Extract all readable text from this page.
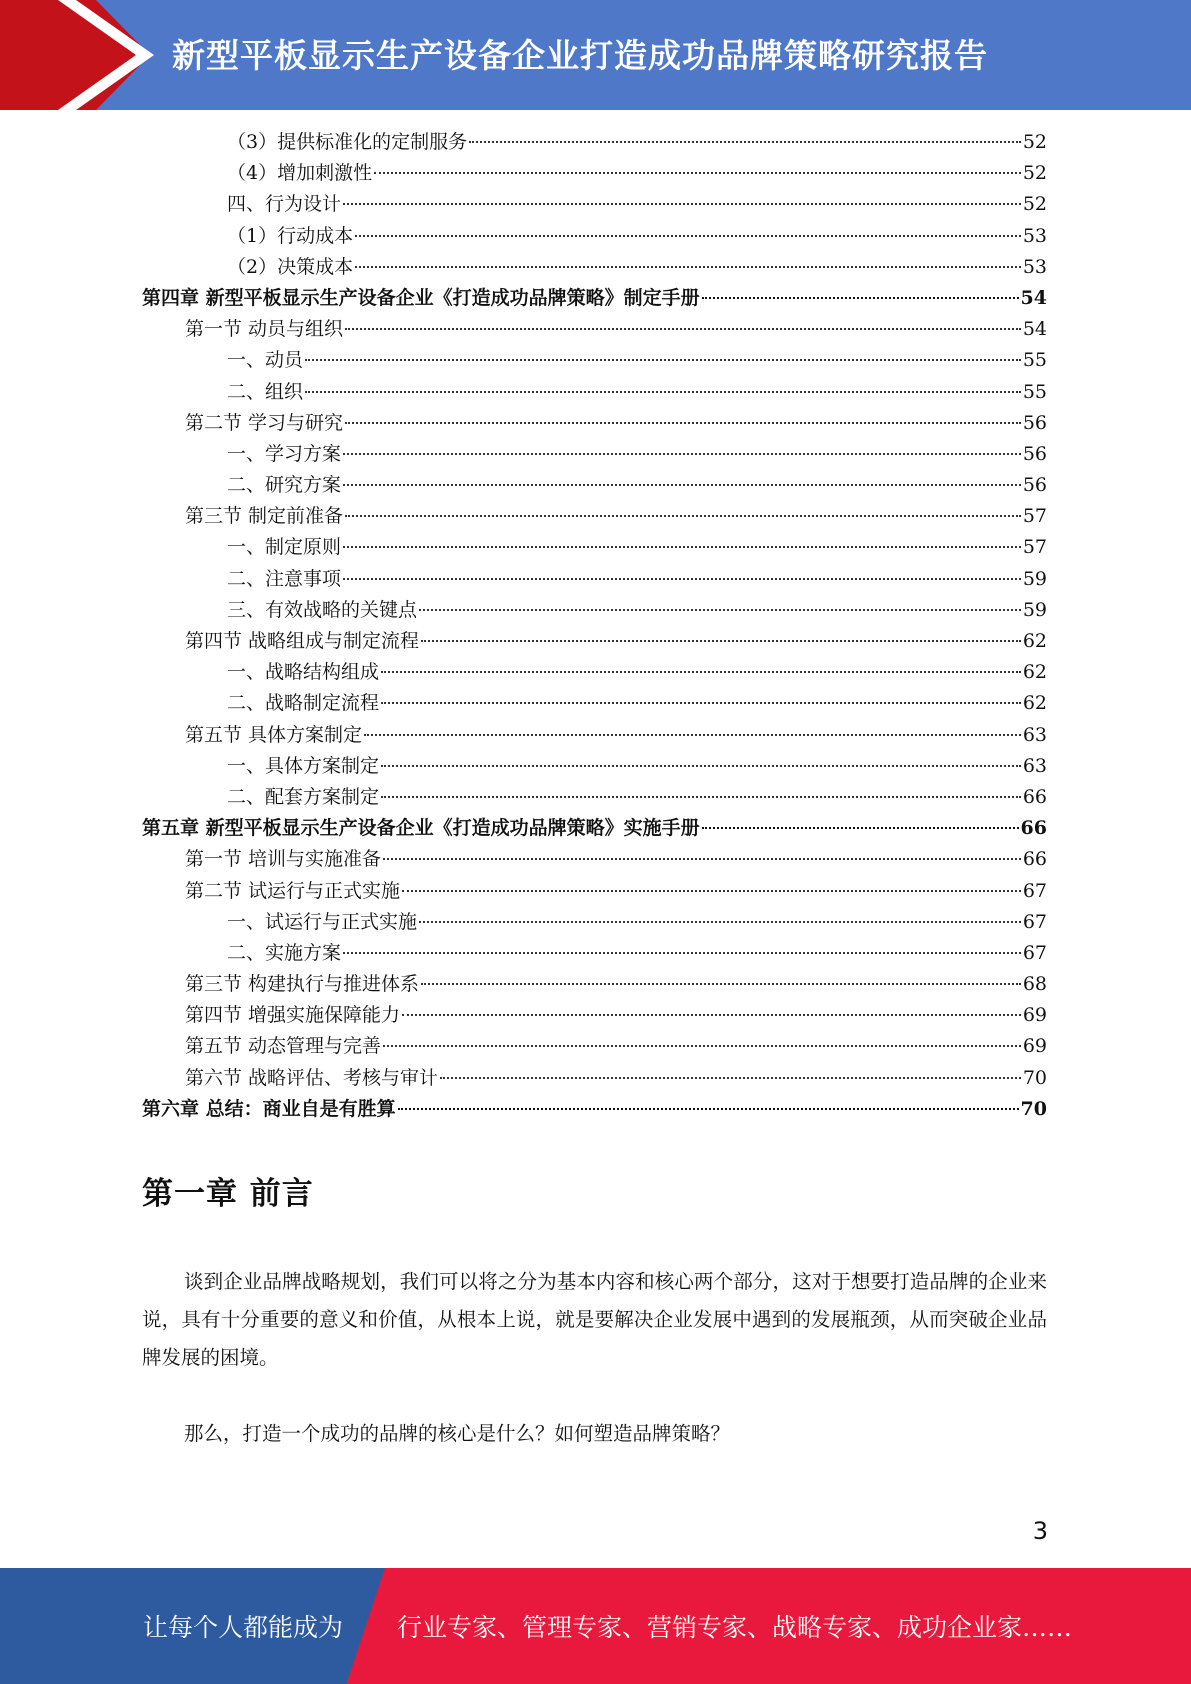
新型平板显示生产设备企业打造成功品牌策略研究报告
（3）提供标准化的定制服务	52
（4）增加刺激性	52
四、行为设计	52
（1）行动成本	53
（2）决策成本	53
第四章 新型平板显示生产设备企业《打造成功品牌策略》制定手册	54
第一节 动员与组织	54
一、动员	55
二、组织	55
第二节 学习与研究	56
一、学习方案	56
二、研究方案	56
第三节 制定前准备	57
一、制定原则	57
二、注意事项	59
三、有效战略的关键点	59
第四节 战略组成与制定流程	62
一、战略结构组成	62
二、战略制定流程	62
第五节 具体方案制定	63
一、具体方案制定	63
二、配套方案制定	66
第五章 新型平板显示生产设备企业《打造成功品牌策略》实施手册	66
第一节 培训与实施准备	66
第二节 试运行与正式实施	67
一、试运行与正式实施	67
二、实施方案	67
第三节 构建执行与推进体系	68
第四节 增强实施保障能力	69
第五节 动态管理与完善	69
第六节 战略评估、考核与审计	70
第六章 总结：商业自是有胜算	70
第一章 前言
谈到企业品牌战略规划，我们可以将之分为基本内容和核心两个部分，这对于想要打造品牌的企业来说，具有十分重要的意义和价值，从根本上说，就是要解决企业发展中遇到的发展瓶颈，从而突破企业品牌发展的困境。
那么，打造一个成功的品牌的核心是什么？如何塑造品牌策略？
3
让每个人都能成为 行业专家、管理专家、营销专家、战略专家、成功企业家……
